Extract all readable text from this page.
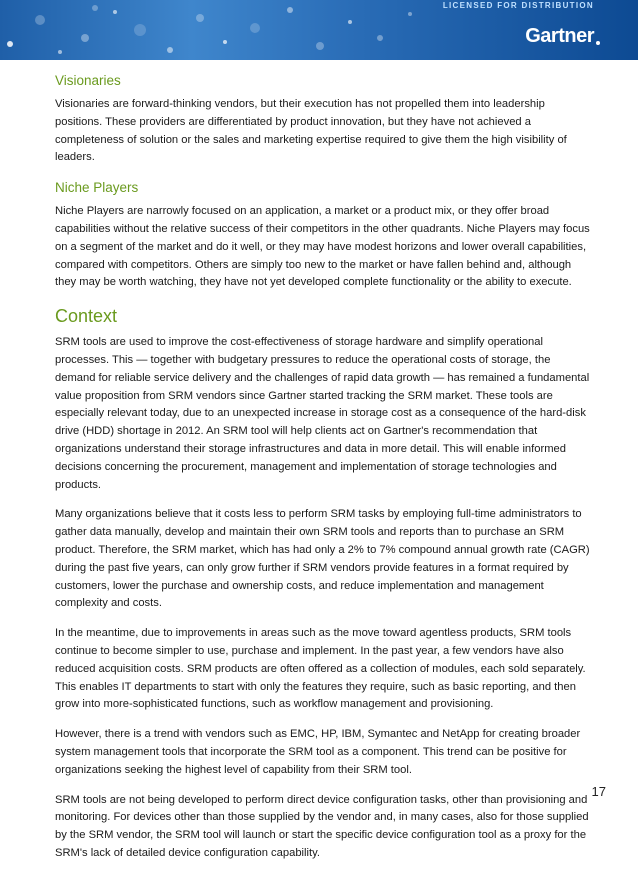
LICENSED FOR DISTRIBUTION
Gartner
Visionaries

Visionaries are forward-thinking vendors, but their execution has not propelled them into leadership positions. These providers are differentiated by product innovation, but they have not achieved a completeness of solution or the sales and marketing expertise required to give them the high visibility of leaders.

Niche Players

Niche Players are narrowly focused on an application, a market or a product mix, or they offer broad capabilities without the relative success of their competitors in the other quadrants. Niche Players may focus on a segment of the market and do it well, or they may have modest horizons and lower overall capabilities, compared with competitors. Others are simply too new to the market or have fallen behind and, although they may be worth watching, they have not yet developed complete functionality or the ability to execute.

Context

SRM tools are used to improve the cost-effectiveness of storage hardware and simplify operational processes. This — together with budgetary pressures to reduce the operational costs of storage, the demand for reliable service delivery and the challenges of rapid data growth — has remained a fundamental value proposition from SRM vendors since Gartner started tracking the SRM market. These tools are especially relevant today, due to an unexpected increase in storage cost as a consequence of the hard-disk drive (HDD) shortage in 2012. An SRM tool will help clients act on Gartner's recommendation that organizations understand their storage infrastructures and data in more detail. This will enable informed decisions concerning the procurement, management and implementation of storage technologies and products.

Many organizations believe that it costs less to perform SRM tasks by employing full-time administrators to gather data manually, develop and maintain their own SRM tools and reports than to purchase an SRM product. Therefore, the SRM market, which has had only a 2% to 7% compound annual growth rate (CAGR) during the past five years, can only grow further if SRM vendors provide features in a format required by customers, lower the purchase and ownership costs, and reduce implementation and management complexity and costs.

In the meantime, due to improvements in areas such as the move toward agentless products, SRM tools continue to become simpler to use, purchase and implement. In the past year, a few vendors have also reduced acquisition costs. SRM products are often offered as a collection of modules, each sold separately. This enables IT departments to start with only the features they require, such as basic reporting, and then grow into more-sophisticated functions, such as workflow management and provisioning.

However, there is a trend with vendors such as EMC, HP, IBM, Symantec and NetApp for creating broader system management tools that incorporate the SRM tool as a component. This trend can be positive for organizations seeking the highest level of capability from their SRM tool.

SRM tools are not being developed to perform direct device configuration tasks, other than provisioning and monitoring. For devices other than those supplied by the vendor and, in many cases, also for those supplied by the SRM vendor, the SRM tool will launch or start the specific device configuration tool as a proxy for the SRM's lack of detailed device configuration capability.

17
